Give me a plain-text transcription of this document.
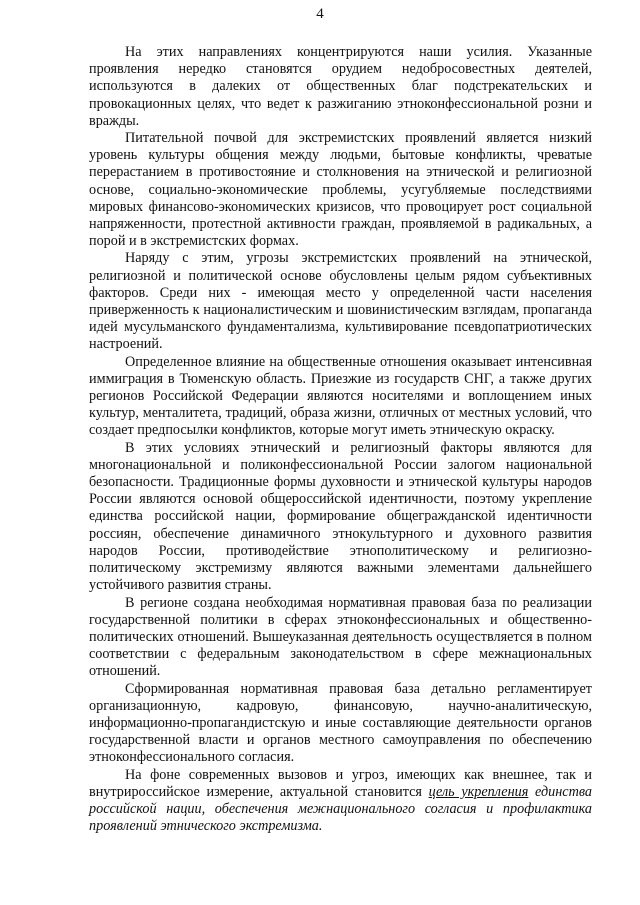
4

На этих направлениях концентрируются наши усилия. Указанные проявления нередко становятся орудием недобросовестных деятелей, используются в далеких от общественных благ подстрекательских и провокационных целях, что ведет к разжиганию этноконфессиональной розни и вражды.

Питательной почвой для экстремистских проявлений является низкий уровень культуры общения между людьми, бытовые конфликты, чреватые перерастанием в противостояние и столкновения на этнической и религиозной основе, социально-экономические проблемы, усугубляемые последствиями мировых финансово-экономических кризисов, что провоцирует рост социальной напряженности, протестной активности граждан, проявляемой в радикальных, а порой и в экстремистских формах.

Наряду с этим, угрозы экстремистских проявлений на этнической, религиозной и политической основе обусловлены целым рядом субъективных факторов. Среди них - имеющая место у определенной части населения приверженность к националистическим и шовинистическим взглядам, пропаганда идей мусульманского фундаментализма, культивирование псевдопатриотических настроений.

Определенное влияние на общественные отношения оказывает интенсивная иммиграция в Тюменскую область. Приезжие из государств СНГ, а также других регионов Российской Федерации являются носителями и воплощением иных культур, менталитета, традиций, образа жизни, отличных от местных условий, что создает предпосылки конфликтов, которые могут иметь этническую окраску.

В этих условиях этнический и религиозный факторы являются для многонациональной и поликонфессиональной России залогом национальной безопасности. Традиционные формы духовности и этнической культуры народов России являются основой общероссийской идентичности, поэтому укрепление единства российской нации, формирование общегражданской идентичности россиян, обеспечение динамичного этнокультурного и духовного развития народов России, противодействие этнополитическому и религиозно-политическому экстремизму являются важными элементами дальнейшего устойчивого развития страны.

В регионе создана необходимая нормативная правовая база по реализации государственной политики в сферах этноконфессиональных и общественно-политических отношений. Вышеуказанная деятельность осуществляется в полном соответствии с федеральным законодательством в сфере межнациональных отношений.

Сформированная нормативная правовая база детально регламентирует организационную, кадровую, финансовую, научно-аналитическую, информационно-пропагандистскую и иные составляющие деятельности органов государственной власти и органов местного самоуправления по обеспечению этноконфессионального согласия.

На фоне современных вызовов и угроз, имеющих как внешнее, так и внутрироссийское измерение, актуальной становится цель укрепления единства российской нации, обеспечения межнационального согласия и профилактика проявлений этнического экстремизма.
